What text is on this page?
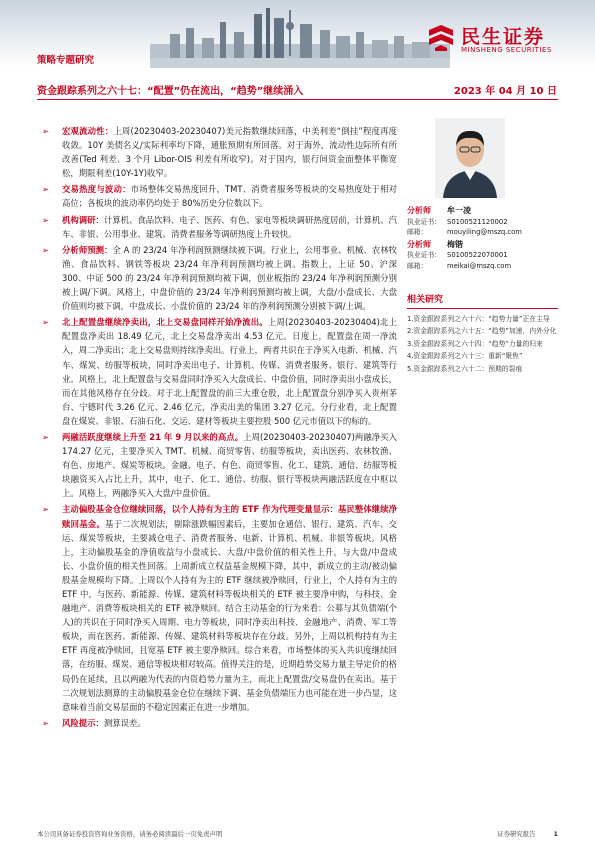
民生证券
MINSHENG SECURITIES
策略专题研究
资金跟踪系列之六十七：“配置”仍在流出，“趋势”继续涌入	2023 年 04 月 10 日
➢ 宏观流动性：上周(20230403-20230407)美元指数继续回落，中美利差“倒挂”程度再度收敛。10Y 美债名义/实际利率均下降，通胀预期有所回落。对于海外，流动性边际所有所改善(Ted 利差、3 个月 Libor-OIS 利差有所收窄)。对于国内，银行间资金面整体平衡宽松，期限利差(10Y-1Y)收窄。
➢ 交易热度与波动：市场整体交易热度回升，TMT、消费者服务等板块的交易热度处于相对高位；各板块的波动率仍均处于 80%历史分位数以下。
➢ 机构调研：计算机、食品饮料、电子、医药、有色、家电等板块调研热度居前，计算机、汽车、非银、公用事业、建筑、消费者服务等调研热度上升较快。
➢ 分析师预测：全 A 的 23/24 年净利润预测继续被下调。行业上，公用事业、机械、农林牧渔、食品饮料、钢铁等板块 23/24 年净利润预测均被上调。指数上，上证 50、沪深 300、中证 500 的 23/24 年净利润预测均被下调，创业板指的 23/24 年净利润预测分别被上调/下调。风格上，中盘价值的 23/24 年净利润预测均被上调，大盘/小盘成长、大盘价值则均被下调，中盘成长、小盘价值的 23/24 年的净利润预测分别被下调/上调。
➢ 北上配置盘继续净卖出，北上交易盘同样开始净流出。上周(20230403-20230404)北上配置盘净卖出 18.49 亿元，北上交易盘净卖出 4.53 亿元。日度上，配置盘在周一净流入，周二净卖出；北上交易盘则持续净卖出。行业上，两者共识在于净买入电新、机械、汽车、煤炭、纺服等板块，同时净卖出电子、计算机、传媒、消费者服务、银行、建筑等行业。风格上，北上配置盘与交易盘同时净买入大盘成长、中盘价值，同时净卖出小盘成长，而在其他风格存在分歧。对于北上配置盘的前三大重仓股，北上配置盘分别净买入贵州茅台、宁德时代 3.26 亿元、2.46 亿元，净卖出美的集团 3.27 亿元。分行业看，北上配置盘在煤炭、非银、石油石化、交运、建材等板块主要控股 500 亿元市值以下的标的。
➢ 两融活跃度继续上升至 21 年 9 月以来的高点。上周(20230403-20230407)两融净买入 174.27 亿元，主要净买入 TMT、机械、商贸零售、纺服等板块，卖出医药、农林牧渔、有色、房地产、煤炭等板块。金融、电子、有色、商贸零售、化工、建筑、通信、纺服等板块融资买入占比上升，其中，电子、化工、通信、纺服、银行等板块两融活跃度在中枢以上。风格上，两融净买入大盘/中盘价值。
➢ 主动偏股基金仓位继续回落，以个人持有为主的 ETF 作为代理变量显示：基民整体继续净赎回基金。基于二次规划法，剔除涨跌幅因素后，主要加仓通信、银行、建筑、汽车、交运、煤炭等板块，主要减仓电子、消费者服务、电新、计算机、机械、非银等板块。风格上，主动偏股基金的净值收益与小盘成长、大盘/中盘价值的相关性上升，与大盘/中盘成长、小盘价值的相关性回落。上周新成立权益基金规模下降，其中，新成立的主动/被动偏股基金规模均下降。上周以个人持有为主的 ETF 继续被净赎回，行业上，个人持有为主的 ETF 中，与医药、新能源、传媒、建筑材料等板块相关的 ETF 被主要净申购，与科技、金融地产、消费等板块相关的 ETF 被净赎回。结合主动基金的行为来看：公募与其负债端(个人)的共识在于同时净买入周期、电力等板块，同时净卖出科技、金融地产、消费、军工等板块，而在医药、新能源、传媒、建筑材料等板块存在分歧。另外，上周以机构持有为主 ETF 再度被净赎回，且宽基 ETF 被主要净赎回。综合来看，市场整体的买入共识度继续回落，在纺服、煤炭、通信等板块相对较高。值得关注的是，近期趋势交易力量主导定价的格局仍在延续，且以两融为代表的内资趋势力量为主，而北上配置盘/交易盘仍在卖出。基于二次规划法测算的主动偏股基金仓位在继续下调、基金负债端压力也可能在进一步凸显，这意味着当前交易层面的不稳定因素正在进一步增加。
➢ 风险提示：测算误差。
分析师 牟一凌
执业证书： S0100521120002
邮箱：	mouyiling@mszq.com
分析师 梅锴
执业证书： S0100522070001
邮箱：	meikai@mszq.com
相关研究
1.资金跟踪系列之六十六：“趋势力量”正在主导
2.资金跟踪系列之六十五：“趋势”加速，内外分化
3.资金跟踪系列之六十四：“趋势”力量的归来
4.资金跟踪系列之六十三：重新“聚焦”
5.资金跟踪系列之六十二：预期的裂痕
本公司具备证券投资咨询业务资格，请务必阅读最后一页免责声明	证券研究报告	1
